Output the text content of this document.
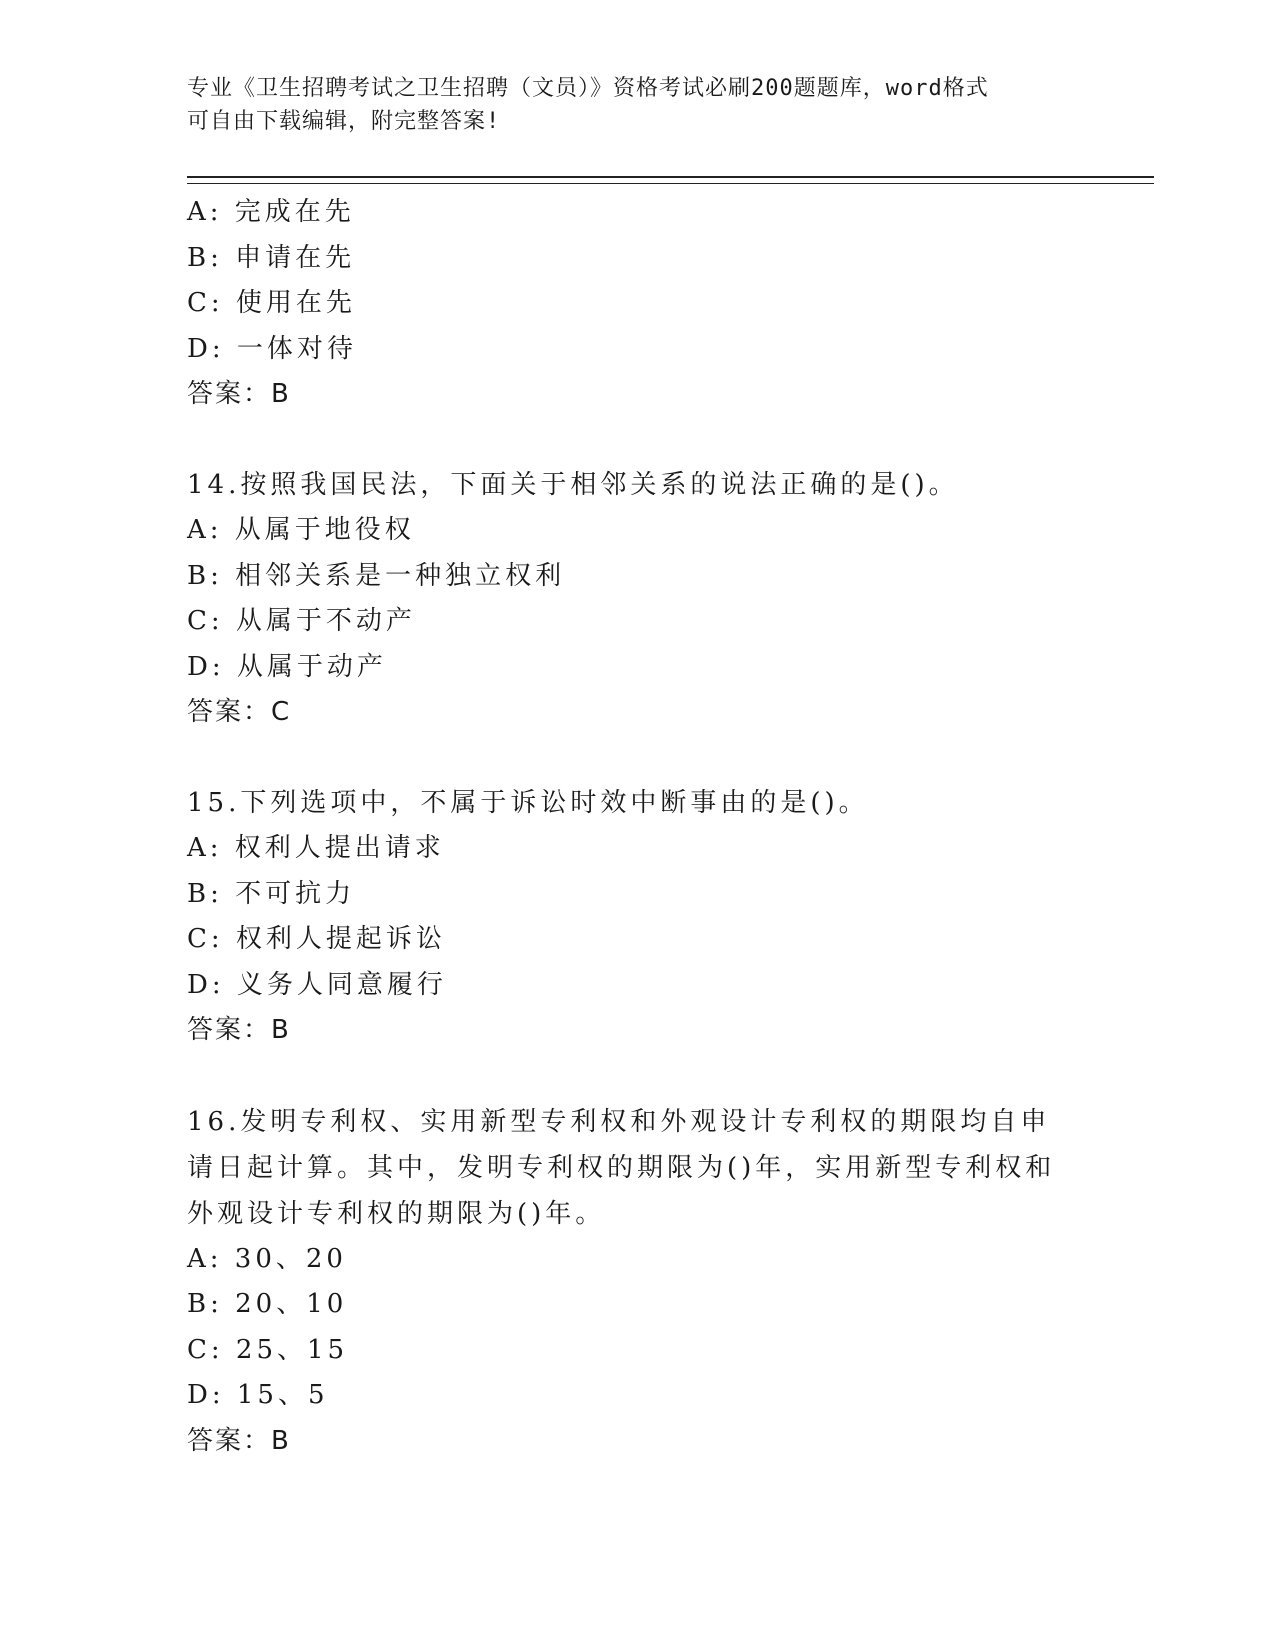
专业《卫生招聘考试之卫生招聘（文员）》资格考试必刷200题题库，word格式
可自由下载编辑，附完整答案!
A: 完成在先
B: 申请在先
C: 使用在先
D: 一体对待
答案：B
14.按照我国民法，下面关于相邻关系的说法正确的是()。
A: 从属于地役权
B: 相邻关系是一种独立权利
C: 从属于不动产
D: 从属于动产
答案：C
15.下列选项中，不属于诉讼时效中断事由的是()。
A: 权利人提出请求
B: 不可抗力
C: 权利人提起诉讼
D: 义务人同意履行
答案：B
16.发明专利权、实用新型专利权和外观设计专利权的期限均自申请日起计算。其中，发明专利权的期限为()年，实用新型专利权和外观设计专利权的期限为()年。
A: 30、20
B: 20、10
C: 25、15
D: 15、5
答案：B
